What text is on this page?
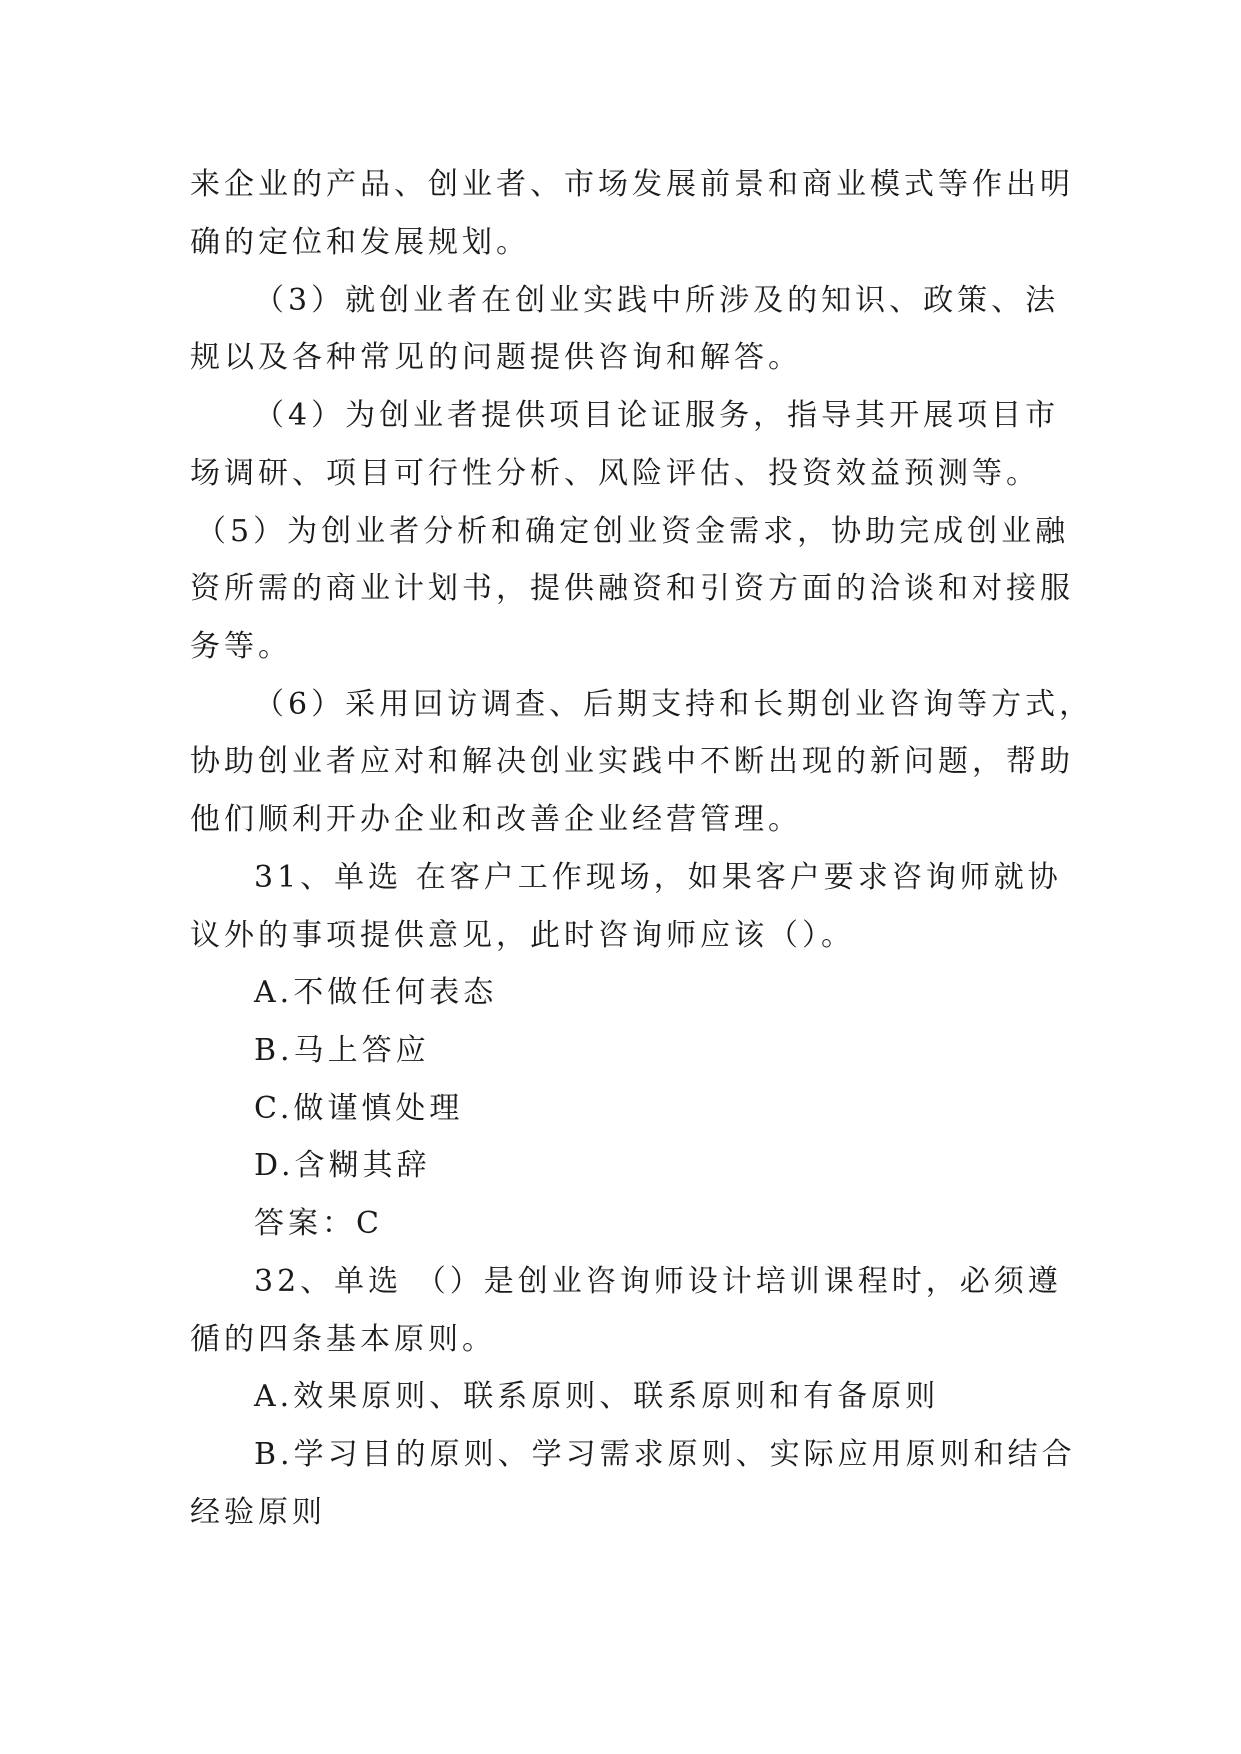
来企业的产品、创业者、市场发展前景和商业模式等作出明
确的定位和发展规划。
（3）就创业者在创业实践中所涉及的知识、政策、法
规以及各种常见的问题提供咨询和解答。
（4）为创业者提供项目论证服务，指导其开展项目市
场调研、项目可行性分析、风险评估、投资效益预测等。
（5）为创业者分析和确定创业资金需求，协助完成创业融
资所需的商业计划书，提供融资和引资方面的洽谈和对接服
务等。
（6）采用回访调查、后期支持和长期创业咨询等方式，
协助创业者应对和解决创业实践中不断出现的新问题，帮助
他们顺利开办企业和改善企业经营管理。
31、单选 在客户工作现场，如果客户要求咨询师就协
议外的事项提供意见，此时咨询师应该（）。
A.不做任何表态
B.马上答应
C.做谨慎处理
D.含糊其辞
答案：C
32、单选 （）是创业咨询师设计培训课程时，必须遵
循的四条基本原则。
A.效果原则、联系原则、联系原则和有备原则
B.学习目的原则、学习需求原则、实际应用原则和结合
经验原则
